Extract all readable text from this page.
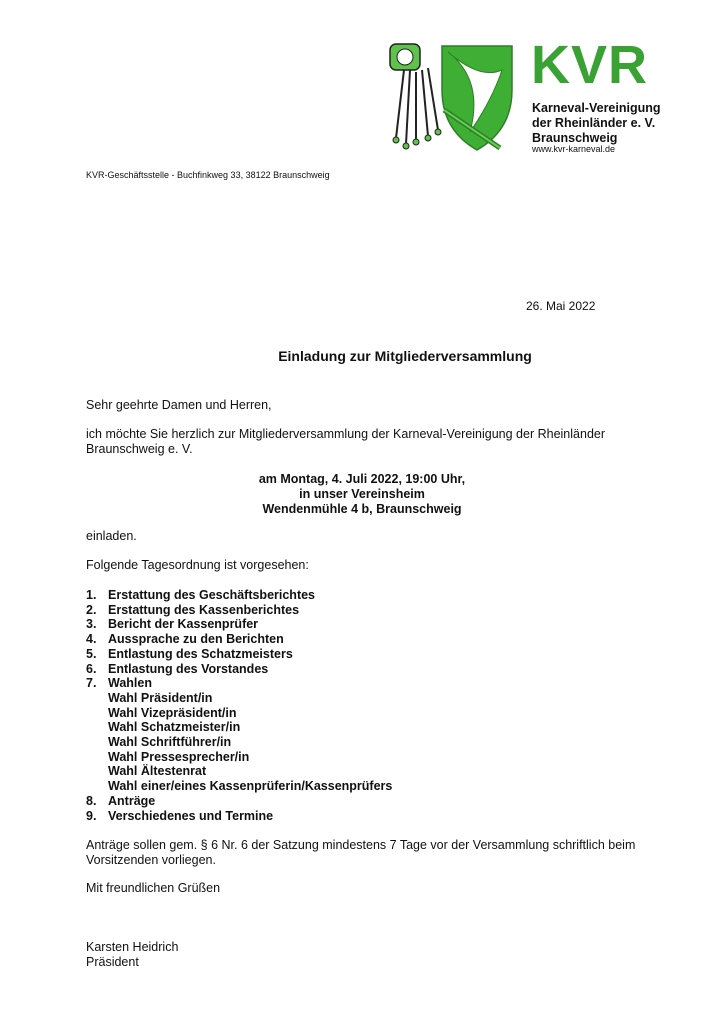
KVR
Karneval-Vereinigung
der Rheinländer e. V.
Braunschweig
www.kvr-karneval.de
KVR-Geschäftsstelle - Buchfinkweg 33, 38122 Braunschweig
26. Mai 2022
Einladung zur Mitgliederversammlung
Sehr geehrte Damen und Herren,
ich möchte Sie herzlich zur Mitgliederversammlung der Karneval-Vereinigung der Rheinländer Braunschweig e. V.
am Montag, 4. Juli 2022, 19:00 Uhr,
in unser Vereinsheim
Wendenmühle 4 b, Braunschweig
einladen.
Folgende Tagesordnung ist vorgesehen:
1. Erstattung des Geschäftsberichtes
2. Erstattung des Kassenberichtes
3. Bericht der Kassenprüfer
4. Aussprache zu den Berichten
5. Entlastung des Schatzmeisters
6. Entlastung des Vorstandes
7. Wahlen
Wahl Präsident/in
Wahl Vizepräsident/in
Wahl Schatzmeister/in
Wahl Schriftführer/in
Wahl Pressesprecher/in
Wahl Ältestenrat
Wahl einer/eines Kassenprüferin/Kassenprüfers
8. Anträge
9. Verschiedenes und Termine
Anträge sollen gem. § 6 Nr. 6 der Satzung mindestens 7 Tage vor der Versammlung schriftlich beim Vorsitzenden vorliegen.
Mit freundlichen Grüßen
Karsten Heidrich
Präsident
